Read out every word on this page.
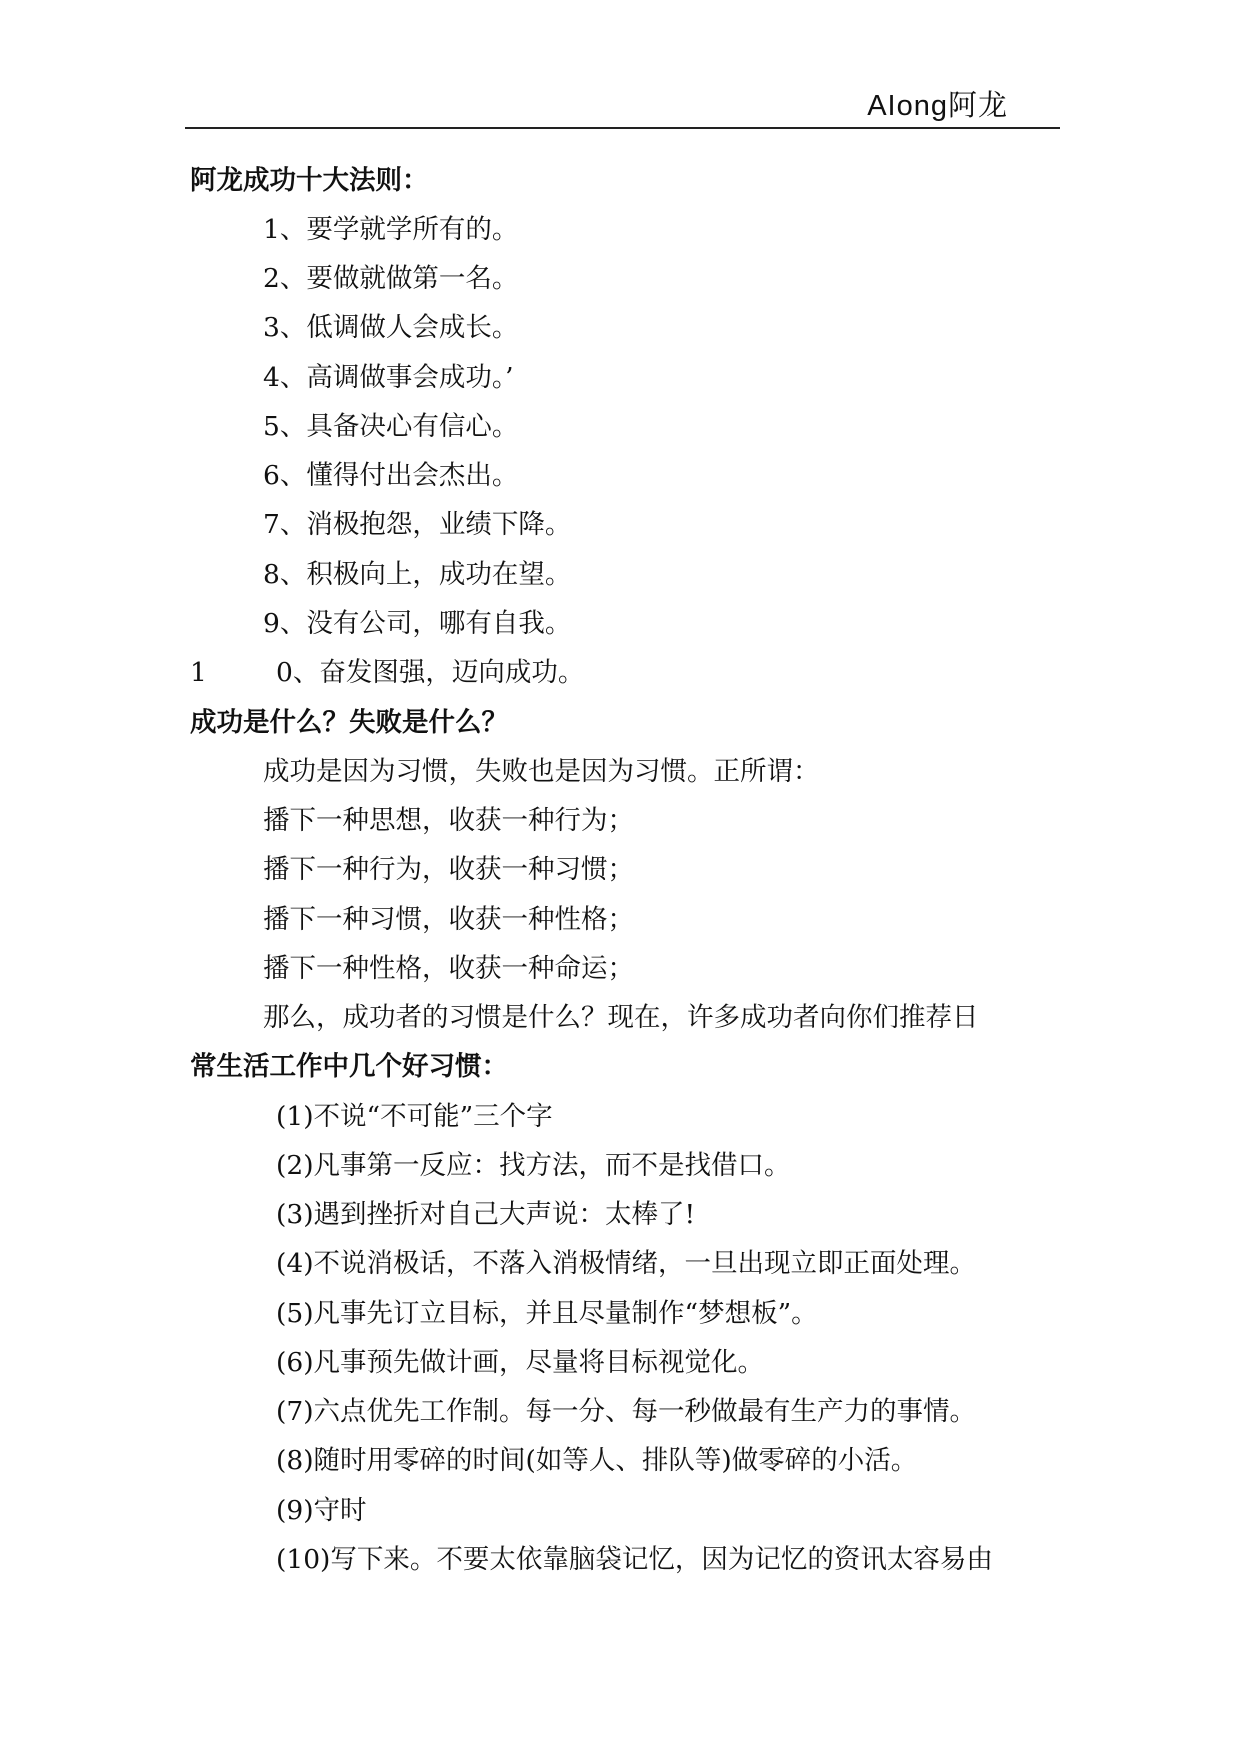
AIong阿龙
阿龙成功十大法则：
1、要学就学所有的。
2、要做就做第一名。
3、低调做人会成长。
4、高调做事会成功。’
5、具备决心有信心。
6、懂得付出会杰出。
7、消极抱怨，业绩下降。
8、积极向上，成功在望。
9、没有公司，哪有自我。
1	0、奋发图强，迈向成功。
成功是什么？失败是什么？
成功是因为习惯，失败也是因为习惯。正所谓：
播下一种思想，收获一种行为；
播下一种行为，收获一种习惯；
播下一种习惯，收获一种性格；
播下一种性格，收获一种命运；
那么，成功者的习惯是什么？现在，许多成功者向你们推荐日
常生活工作中几个好习惯：
(1)不说“不可能”三个字
(2)凡事第一反应：找方法，而不是找借口。
(3)遇到挫折对自己大声说：太棒了!
(4)不说消极话，不落入消极情绪，一旦出现立即正面处理。
(5)凡事先订立目标，并且尽量制作“梦想板”。
(6)凡事预先做计画，尽量将目标视觉化。
(7)六点优先工作制。每一分、每一秒做最有生产力的事情。
(8)随时用零碎的时间(如等人、排队等)做零碎的小活。
(9)守时
(10)写下来。不要太依靠脑袋记忆，因为记忆的资讯太容易由
